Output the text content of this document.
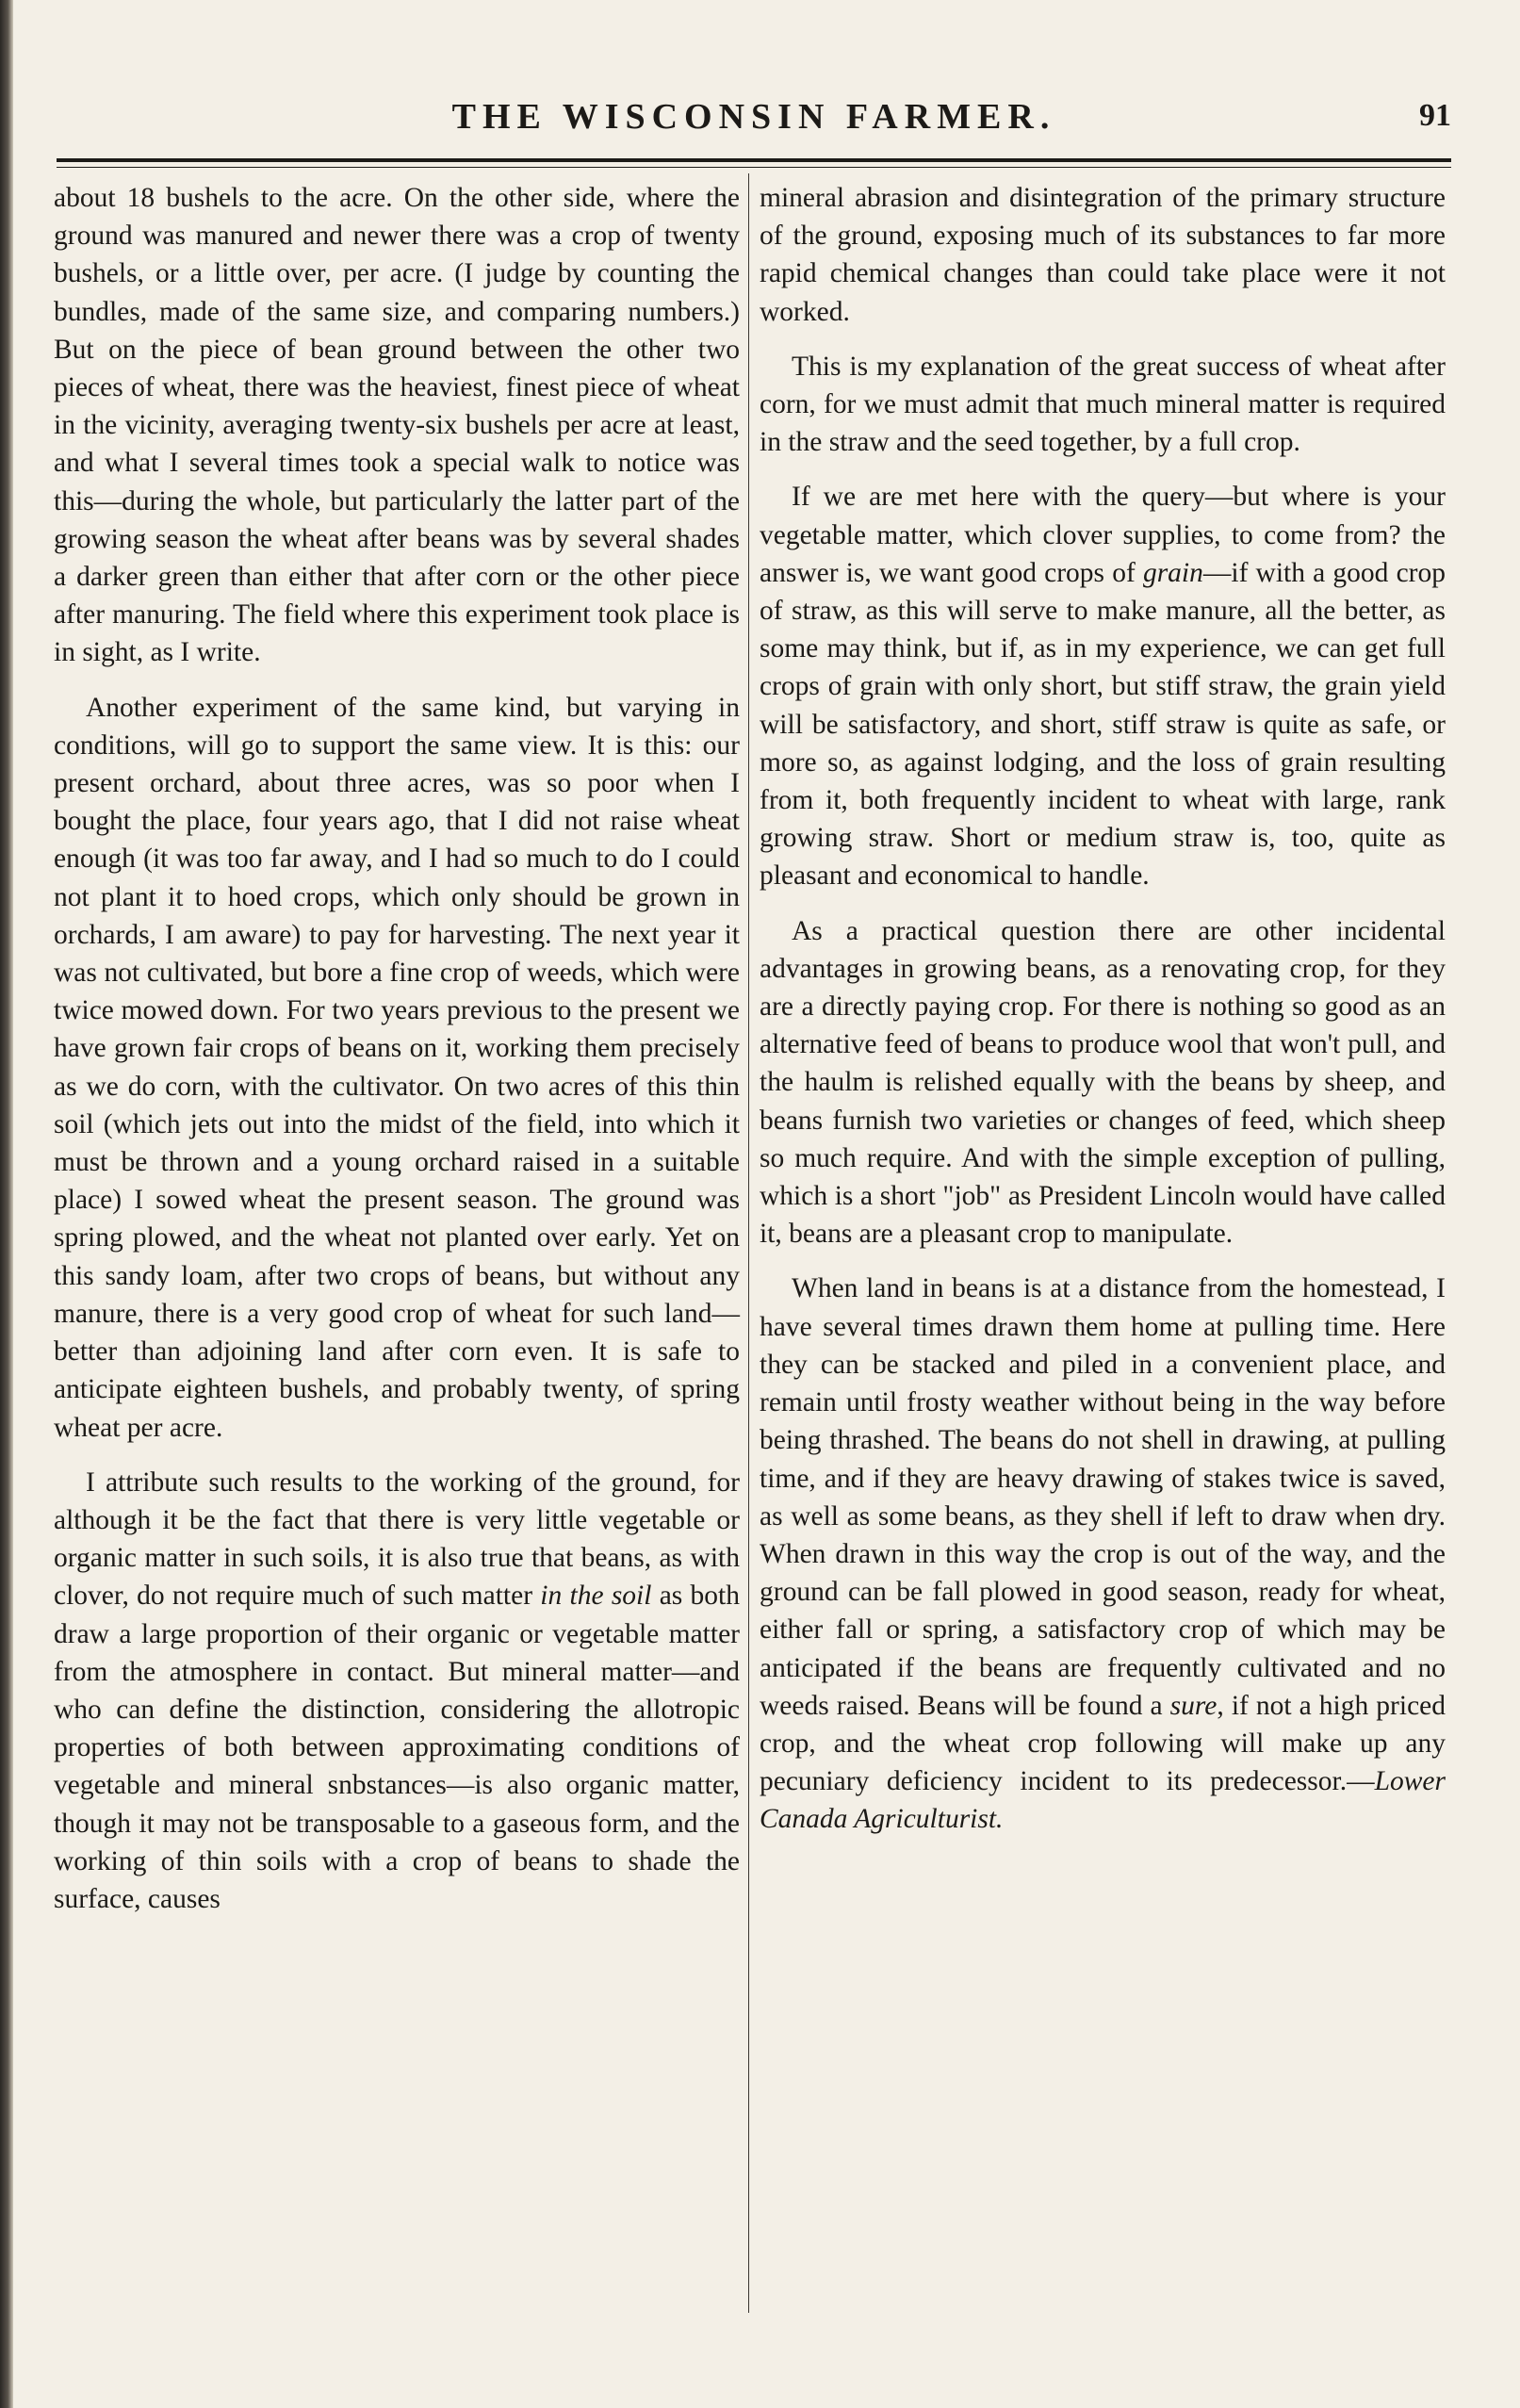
THE WISCONSIN FARMER.	91

about 18 bushels to the acre. On the other side, where the ground was manured and newer there was a crop of twenty bushels, or a little over, per acre. (I judge by counting the bundles, made of the same size, and comparing numbers.) But on the piece of bean ground between the other two pieces of wheat, there was the heaviest, finest piece of wheat in the vicinity, averaging twenty-six bushels per acre at least, and what I several times took a special walk to notice was this—during the whole, but particularly the latter part of the growing season the wheat after beans was by several shades a darker green than either that after corn or the other piece after manuring. The field where this experiment took place is in sight, as I write.

Another experiment of the same kind, but varying in conditions, will go to support the same view. It is this: our present orchard, about three acres, was so poor when I bought the place, four years ago, that I did not raise wheat enough (it was too far away, and I had so much to do I could not plant it to hoed crops, which only should be grown in orchards, I am aware) to pay for harvesting. The next year it was not cultivated, but bore a fine crop of weeds, which were twice mowed down. For two years previous to the present we have grown fair crops of beans on it, working them precisely as we do corn, with the cultivator. On two acres of this thin soil (which jets out into the midst of the field, into which it must be thrown and a young orchard raised in a suitable place) I sowed wheat the present season. The ground was spring plowed, and the wheat not planted over early. Yet on this sandy loam, after two crops of beans, but without any manure, there is a very good crop of wheat for such land—better than adjoining land after corn even. It is safe to anticipate eighteen bushels, and probably twenty, of spring wheat per acre.

I attribute such results to the working of the ground, for although it be the fact that there is very little vegetable or organic matter in such soils, it is also true that beans, as with clover, do not require much of such matter in the soil as both draw a large proportion of their organic or vegetable matter from the atmosphere in contact. But mineral matter—and who can define the distinction, considering the allotropic properties of both between approximating conditions of vegetable and mineral snbstances—is also organic matter, though it may not be transposable to a gaseous form, and the working of thin soils with a crop of beans to shade the surface, causes

mineral abrasion and disintegration of the primary structure of the ground, exposing much of its substances to far more rapid chemical changes than could take place were it not worked.

This is my explanation of the great success of wheat after corn, for we must admit that much mineral matter is required in the straw and the seed together, by a full crop.

If we are met here with the query—but where is your vegetable matter, which clover supplies, to come from? the answer is, we want good crops of grain—if with a good crop of straw, as this will serve to make manure, all the better, as some may think, but if, as in my experience, we can get full crops of grain with only short, but stiff straw, the grain yield will be satisfactory, and short, stiff straw is quite as safe, or more so, as against lodging, and the loss of grain resulting from it, both frequently incident to wheat with large, rank growing straw. Short or medium straw is, too, quite as pleasant and economical to handle.

As a practical question there are other incidental advantages in growing beans, as a renovating crop, for they are a directly paying crop. For there is nothing so good as an alternative feed of beans to produce wool that won't pull, and the haulm is relished equally with the beans by sheep, and beans furnish two varieties or changes of feed, which sheep so much require. And with the simple exception of pulling, which is a short "job" as President Lincoln would have called it, beans are a pleasant crop to manipulate.

When land in beans is at a distance from the homestead, I have several times drawn them home at pulling time. Here they can be stacked and piled in a convenient place, and remain until frosty weather without being in the way before being thrashed. The beans do not shell in drawing, at pulling time, and if they are heavy drawing of stakes twice is saved, as well as some beans, as they shell if left to draw when dry. When drawn in this way the crop is out of the way, and the ground can be fall plowed in good season, ready for wheat, either fall or spring, a satisfactory crop of which may be anticipated if the beans are frequently cultivated and no weeds raised. Beans will be found a sure, if not a high priced crop, and the wheat crop following will make up any pecuniary deficiency incident to its predecessor.—Lower Canada Agriculturist.
